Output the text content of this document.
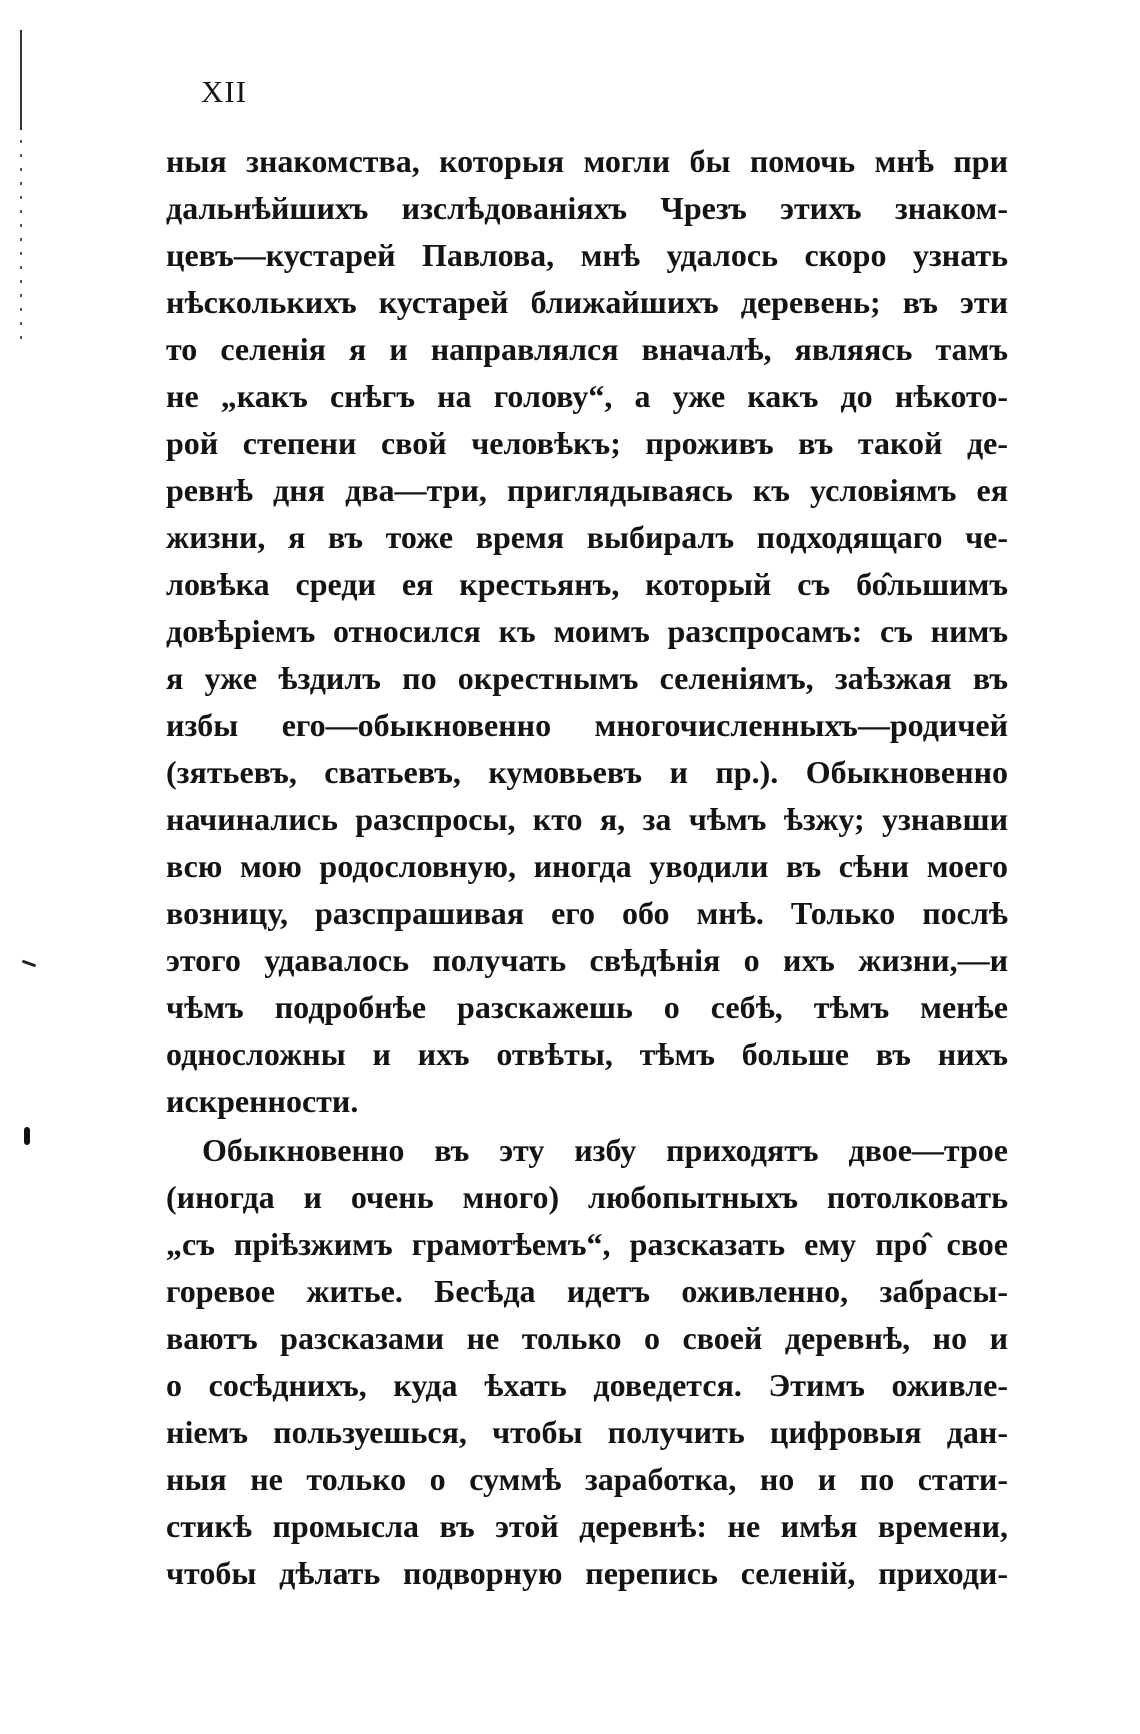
XII
ныя знакомства, которыя могли бы помочь мнѣ при
дальнѣйшихъ изслѣдованіяхъ Чрезъ этихъ знаком-
цевъ—кустарей Павлова, мнѣ удалось скоро узнать
нѣсколькихъ кустарей ближайшихъ деревень; въ эти
то селенія я и направлялся вначалѣ, являясь тамъ
не „какъ снѣгъ на голову“, а уже какъ до нѣкото-
рой степени свой человѣкъ; проживъ въ такой де-
ревнѣ дня два—три, приглядываясь къ условіямъ ея
жизни, я въ тоже время выбиралъ подходящаго че-
ловѣка среди ея крестьянъ, который съ бо̂льшимъ
довѣріемъ относился къ моимъ разспросамъ: съ нимъ
я уже ѣздилъ по окрестнымъ селеніямъ, заѣзжая въ
избы его—обыкновенно многочисленныхъ—родичей
(зятьевъ, сватьевъ, кумовьевъ и пр.). Обыкновенно
начинались разспросы, кто я, за чѣмъ ѣзжу; узнавши
всю мою родословную, иногда уводили въ сѣни моего
возницу, разспрашивая его обо мнѣ. Только послѣ
этого удавалось получать свѣдѣнія о ихъ жизни,—и
чѣмъ подробнѣе разскажешь о себѣ, тѣмъ менѣе
односложны и ихъ отвѣты, тѣмъ больше въ нихъ
искренности.
Обыкновенно въ эту избу приходятъ двое—трое
(иногда и очень много) любопытныхъ потолковать
„съ пріѣзжимъ грамотѣемъ“, разсказать ему про̂ свое
горевое житье. Бесѣда идетъ оживленно, забрасы-
ваютъ разсказами не только о своей деревнѣ, но и
о сосѣднихъ, куда ѣхать доведется. Этимъ оживле-
ніемъ пользуешься, чтобы получить цифровыя дан-
ныя не только о суммѣ заработка, но и по стати-
стикѣ промысла въ этой деревнѣ: не имѣя времени,
чтобы дѣлать подворную перепись селеній, приходи-
